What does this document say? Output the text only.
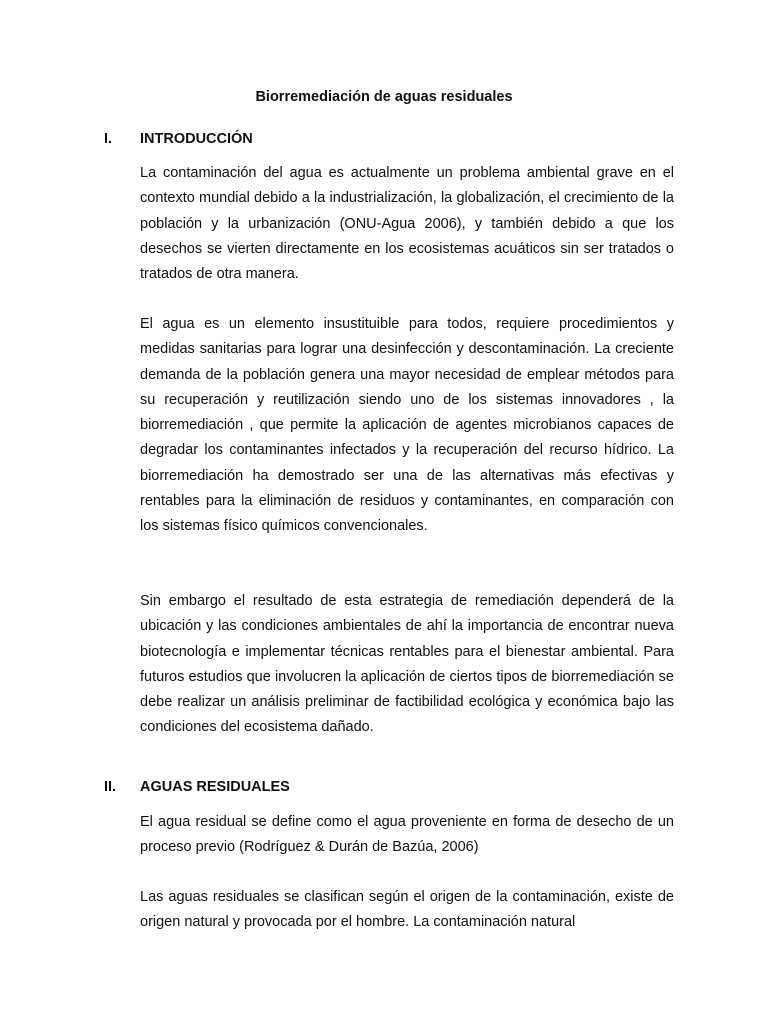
Biorremediación de aguas residuales
I. INTRODUCCIÓN

La contaminación del agua es actualmente un problema ambiental grave en el contexto mundial debido a la industrialización, la globalización, el crecimiento de la población y la urbanización (ONU-Agua 2006), y también debido a que los desechos se vierten directamente en los ecosistemas acuáticos sin ser tratados o tratados de otra manera.

El agua es un elemento insustituible para todos, requiere procedimientos y medidas sanitarias para lograr una desinfección y descontaminación. La creciente demanda de la población genera una mayor necesidad de emplear métodos para su recuperación y reutilización siendo uno de los sistemas innovadores , la biorremediación , que permite la aplicación de agentes microbianos capaces de degradar los contaminantes infectados y la recuperación del recurso hídrico. La biorremediación ha demostrado ser una de las alternativas más efectivas y rentables para la eliminación de residuos y contaminantes, en comparación con los sistemas físico químicos convencionales.

Sin embargo el resultado de esta estrategia de remediación dependerá de la ubicación y las condiciones ambientales de ahí la importancia de encontrar nueva biotecnología e implementar técnicas rentables para el bienestar ambiental. Para futuros estudios que involucren la aplicación de ciertos tipos de biorremediación se debe realizar un análisis preliminar de factibilidad ecológica y económica bajo las condiciones del ecosistema dañado.

II. AGUAS RESIDUALES

El agua residual se define como el agua proveniente en forma de desecho de un proceso previo (Rodríguez & Durán de Bazúa, 2006)

Las aguas residuales se clasifican según el origen de la contaminación, existe de origen natural y provocada por el hombre. La contaminación natural
